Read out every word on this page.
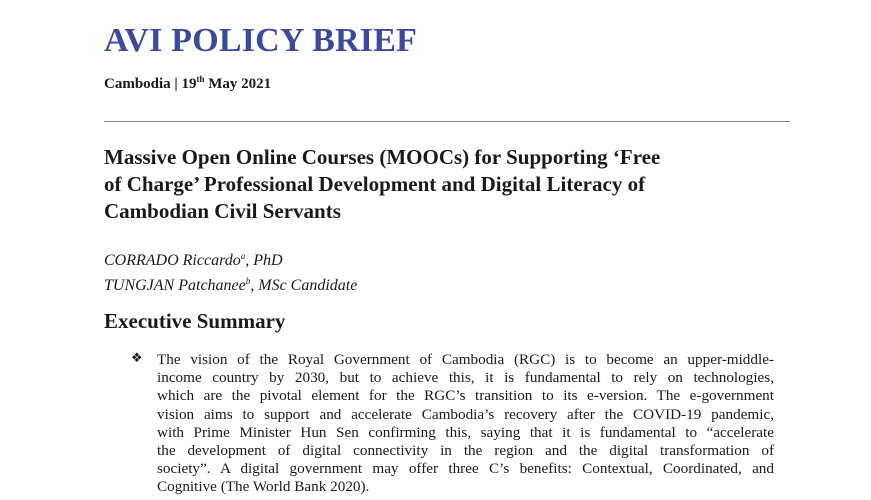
AVI POLICY BRIEF
Cambodia | 19th May 2021
Massive Open Online Courses (MOOCs) for Supporting ‘Free
of Charge’ Professional Development and Digital Literacy of
Cambodian Civil Servants
CORRADO Riccardo$^a$, PhD
TUNGJAN Patchanee$^b$, MSc Candidate
Executive Summary
❖ The vision of the Royal Government of Cambodia (RGC) is to become an upper-middle-
income country by 2030, but to achieve this, it is fundamental to rely on technologies,
which are the pivotal element for the RGC’s transition to its e-version. The e-government
vision aims to support and accelerate Cambodia’s recovery after the COVID-19 pandemic,
with Prime Minister Hun Sen confirming this, saying that it is fundamental to “accelerate
the development of digital connectivity in the region and the digital transformation of
society”. A digital government may offer three C’s benefits: Contextual, Coordinated, and
Cognitive (The World Bank 2020).
